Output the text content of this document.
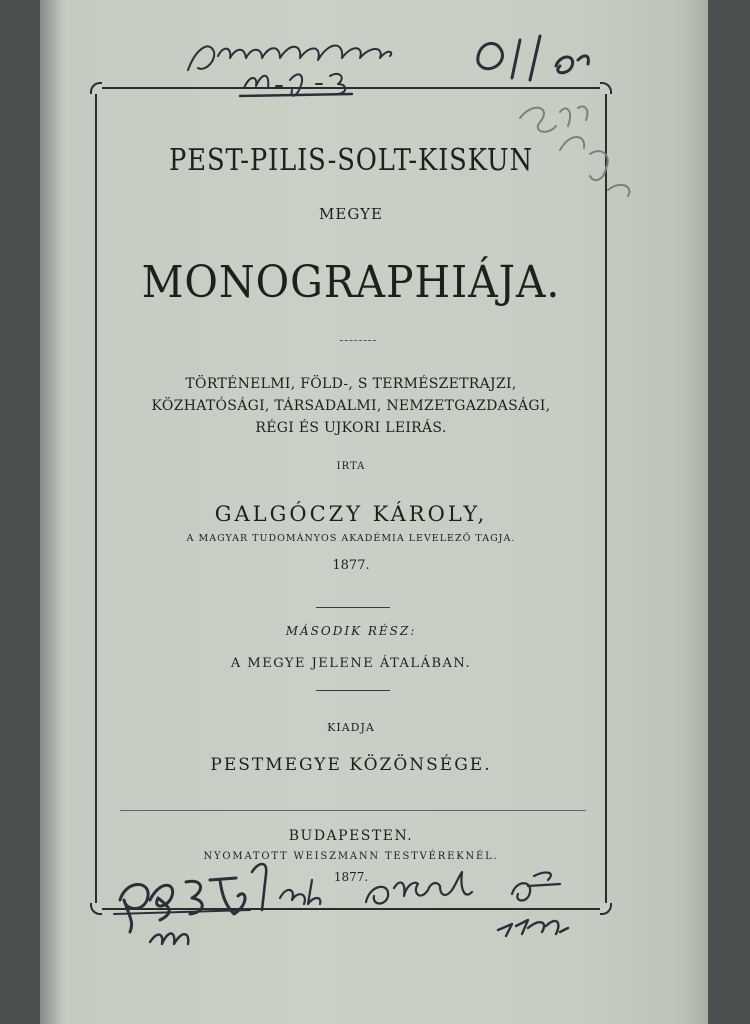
PEST-PILIS-SOLT-KISKUN
MEGYE
MONOGRAPHIÁJA.
TÖRTÉNELMI, FÖLD-, S TERMÉSZETRAJZI,
KÖZHATÓSÁGI, TÁRSADALMI, NEMZETGAZDASÁGI,
RÉGI ÉS UJKORI LEIRÁS.
IRTA
GALGÓCZY KÁROLY,
A MAGYAR TUDOMÁNYOS AKADÉMIA LEVELEZŐ TAGJA.
1877.
MÁSODIK RÉSZ:
A MEGYE JELENE ÁTALÁBAN.
KIADJA
PESTMEGYE KÖZÖNSÉGE.
BUDAPESTEN.
NYOMATOTT WEISZMANN TESTVÉREKNÉL.
1877.
